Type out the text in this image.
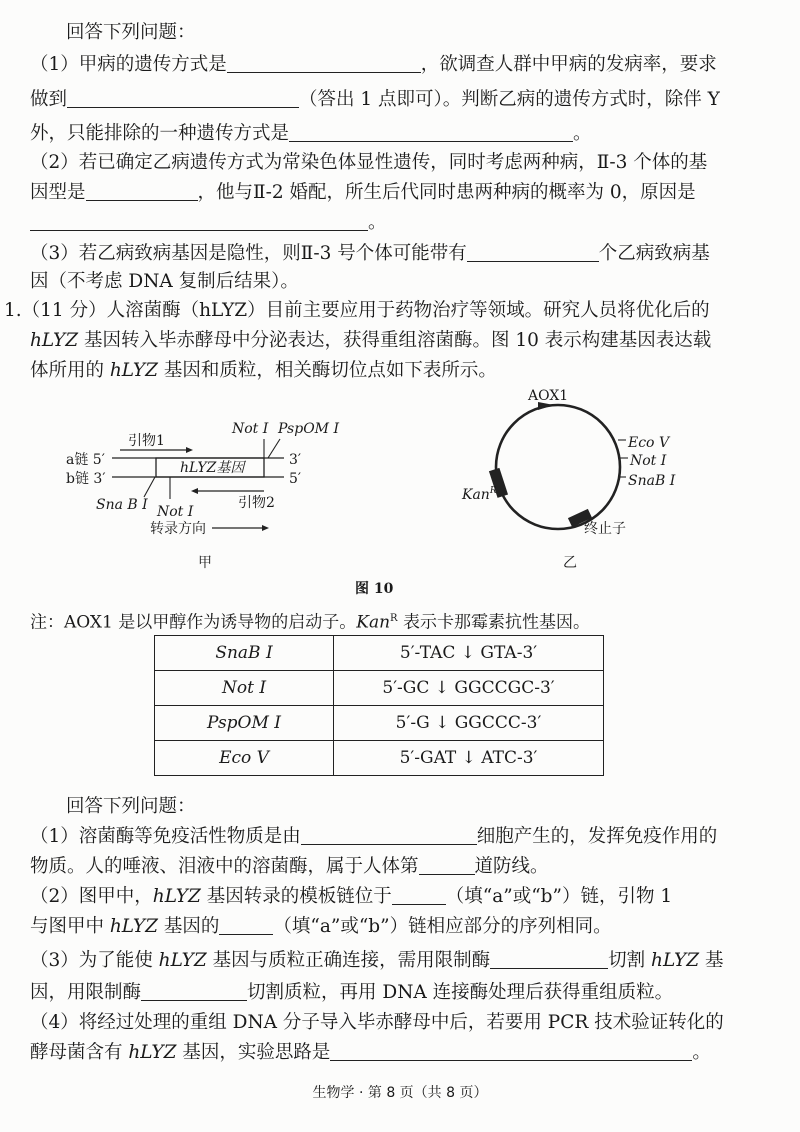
回答下列问题：
（1）甲病的遗传方式是	，欲调查人群中甲病的发病率，要求
做到	（答出 1 点即可）。判断乙病的遗传方式时，除伴 Y
外，只能排除的一种遗传方式是	。
（2）若已确定乙病遗传方式为常染色体显性遗传，同时考虑两种病，Ⅱ-3 个体的基
因型是	，他与Ⅱ-2 婚配，所生后代同时患两种病的概率为 0，原因是
。
（3）若乙病致病基因是隐性，则Ⅱ-3 号个体可能带有	个乙病致病基
因（不考虑 DNA 复制后结果）。
1.（11 分）人溶菌酶（hLYZ）目前主要应用于药物治疗等领域。研究人员将优化后的
hLYZ 基因转入毕赤酵母中分泌表达，获得重组溶菌酶。图 10 表示构建基因表达载
体所用的 hLYZ 基因和质粒，相关酶切位点如下表所示。
引物1
a链 5′
b链 3′
hLYZ基因	3′
5′
Not Ⅰ PspOM Ⅰ
引物2
Sna B Ⅰ Not Ⅰ
转录方向
甲
AOX1
Eco Ⅴ
Not Ⅰ
SnaB Ⅰ
Kan$^R$
终止子
乙
图 10
注：AOX1 是以甲醇作为诱导物的启动子。Kan$^R$ 表示卡那霉素抗性基因。
SnaB Ⅰ	5′-TAC ↓ GTA-3′
Not Ⅰ	5′-GC ↓ GGCCGC-3′
PspOM Ⅰ	5′-G ↓ GGCCC-3′
Eco Ⅴ	5′-GAT ↓ ATC-3′
回答下列问题：
（1）溶菌酶等免疫活性物质是由	细胞产生的，发挥免疫作用的
物质。人的唾液、泪液中的溶菌酶，属于人体第	道防线。
（2）图甲中，hLYZ 基因转录的模板链位于	（填“a”或“b”）链，引物 1
与图甲中 hLYZ 基因的	（填“a”或“b”）链相应部分的序列相同。
（3）为了能使 hLYZ 基因与质粒正确连接，需用限制酶	切割 hLYZ 基
因，用限制酶	切割质粒，再用 DNA 连接酶处理后获得重组质粒。
（4）将经过处理的重组 DNA 分子导入毕赤酵母中后，若要用 PCR 技术验证转化的
酵母菌含有 hLYZ 基因，实验思路是	。
生物学 · 第 8 页（共 8 页）
